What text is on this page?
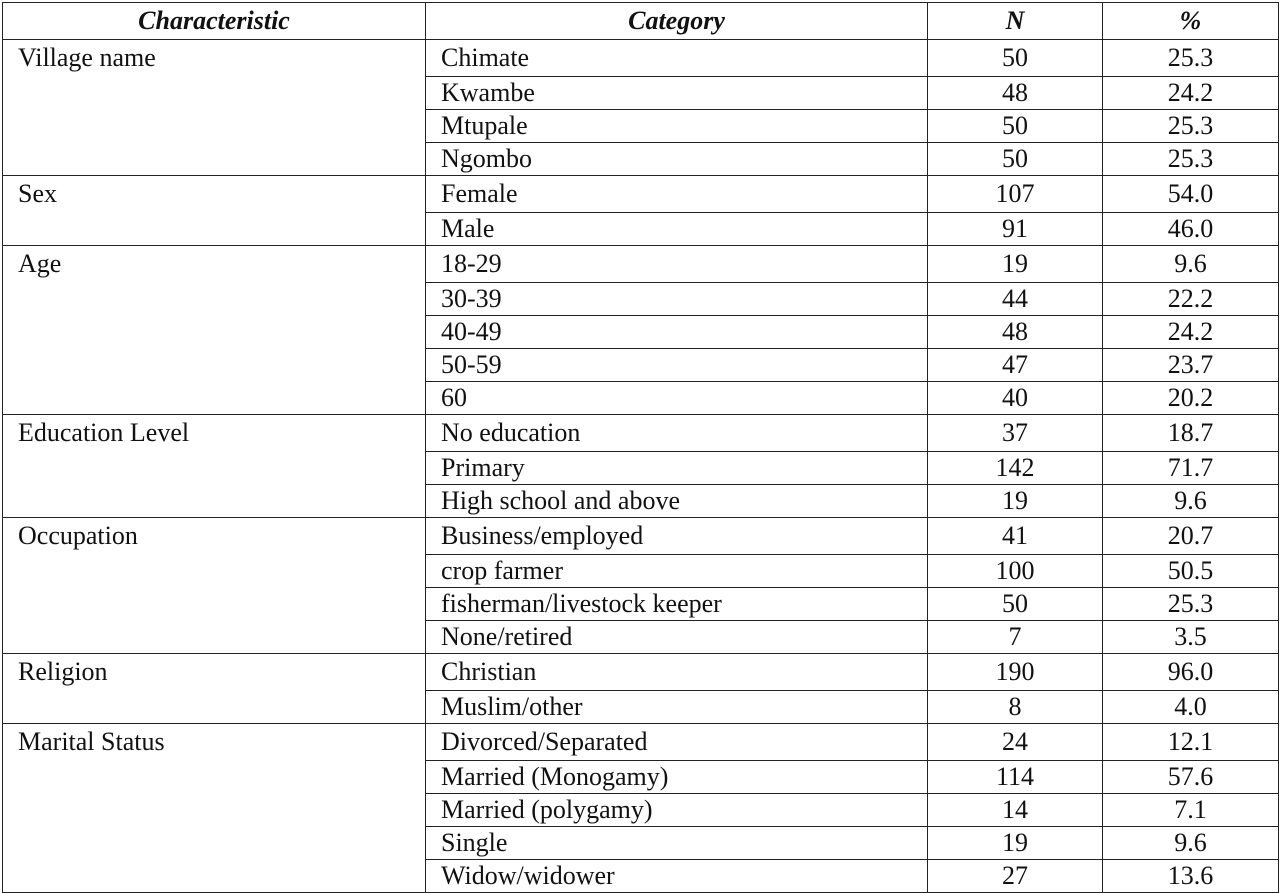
Characteristic	Category	N	%
Village name	Chimate	50	25.3
	Kwambe	48	24.2
	Mtupale	50	25.3
	Ngombo	50	25.3
Sex	Female	107	54.0
	Male	91	46.0
Age	18-29	19	9.6
	30-39	44	22.2
	40-49	48	24.2
	50-59	47	23.7
	60	40	20.2
Education Level	No education	37	18.7
	Primary	142	71.7
	High school and above	19	9.6
Occupation	Business/employed	41	20.7
	crop farmer	100	50.5
	fisherman/livestock keeper	50	25.3
	None/retired	7	3.5
Religion	Christian	190	96.0
	Muslim/other	8	4.0
Marital Status	Divorced/Separated	24	12.1
	Married (Monogamy)	114	57.6
	Married (polygamy)	14	7.1
	Single	19	9.6
	Widow/widower	27	13.6
